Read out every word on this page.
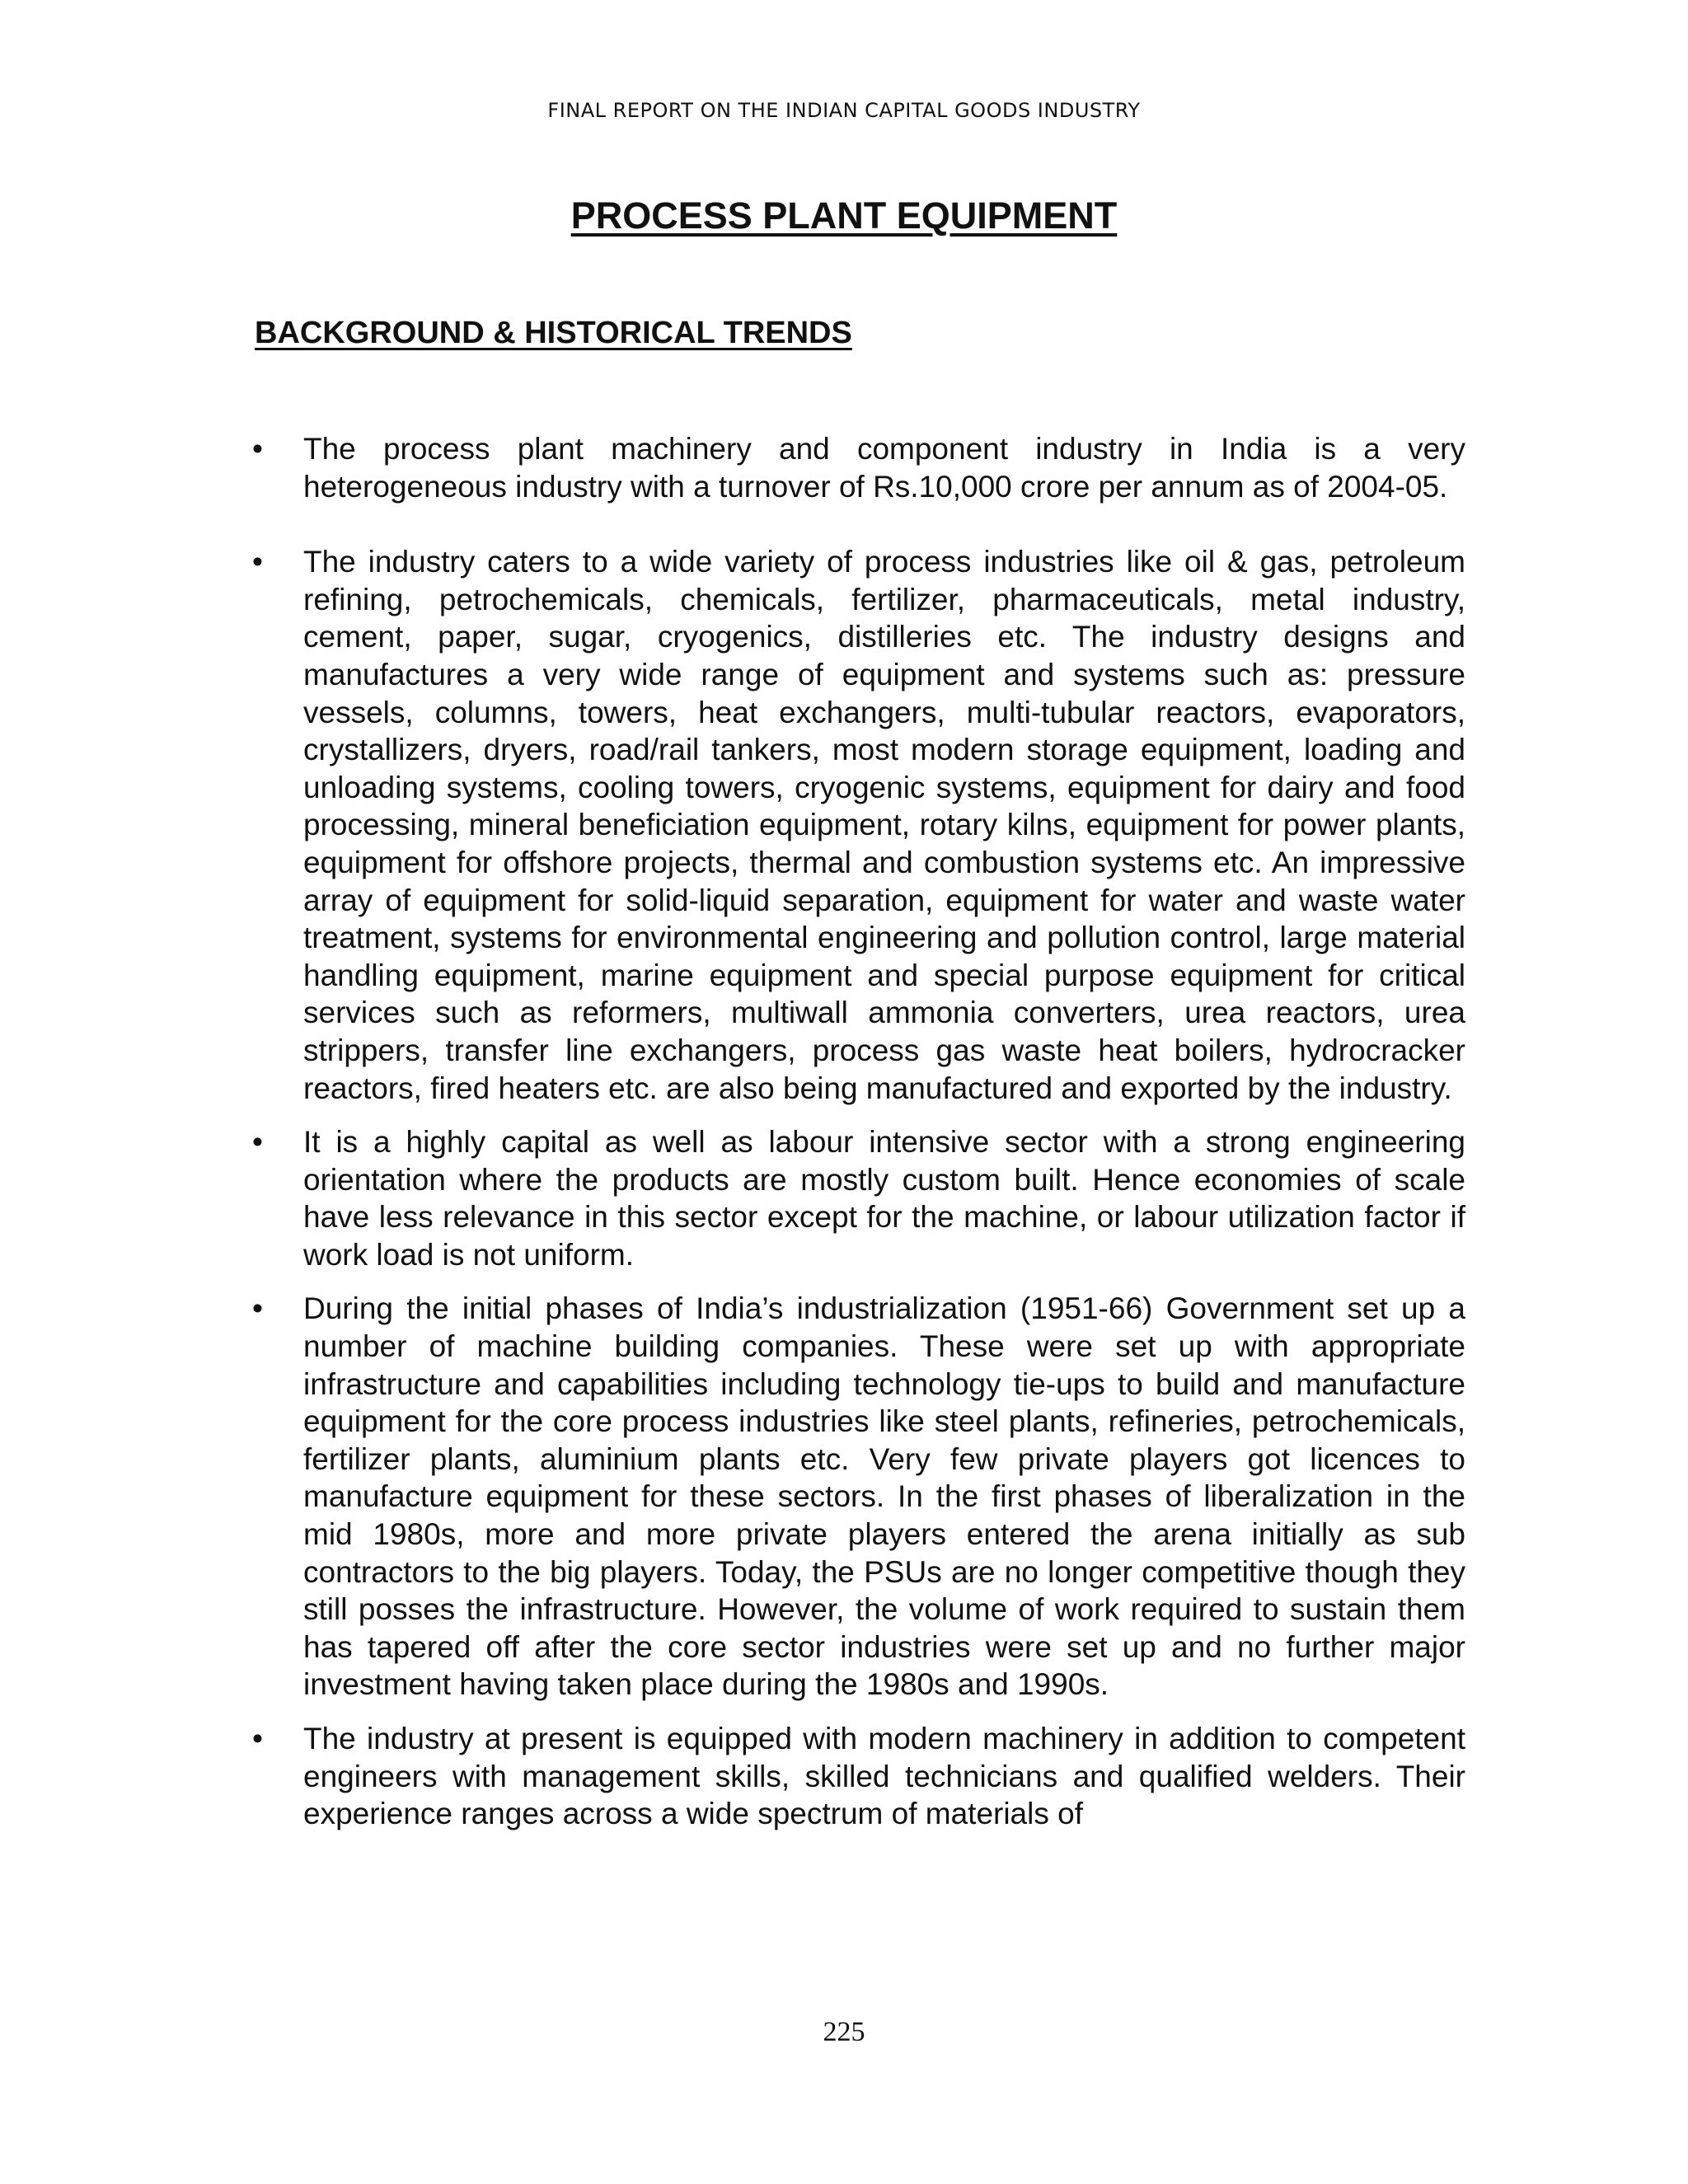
FINAL REPORT ON THE INDIAN CAPITAL GOODS INDUSTRY
PROCESS PLANT EQUIPMENT
BACKGROUND & HISTORICAL TRENDS
• The process plant machinery and component industry in India is a very heterogeneous industry with a turnover of Rs.10,000 crore per annum as of 2004-05.
• The industry caters to a wide variety of process industries like oil & gas, petroleum refining, petrochemicals, chemicals, fertilizer, pharmaceuticals, metal industry, cement, paper, sugar, cryogenics, distilleries etc. The industry designs and manufactures a very wide range of equipment and systems such as: pressure vessels, columns, towers, heat exchangers, multi-tubular reactors, evaporators, crystallizers, dryers, road/rail tankers, most modern storage equipment, loading and unloading systems, cooling towers, cryogenic systems, equipment for dairy and food processing, mineral beneficiation equipment, rotary kilns, equipment for power plants, equipment for offshore projects, thermal and combustion systems etc. An impressive array of equipment for solid-liquid separation, equipment for water and waste water treatment, systems for environmental engineering and pollution control, large material handling equipment, marine equipment and special purpose equipment for critical services such as reformers, multiwall ammonia converters, urea reactors, urea strippers, transfer line exchangers, process gas waste heat boilers, hydrocracker reactors, fired heaters etc. are also being manufactured and exported by the industry.
• It is a highly capital as well as labour intensive sector with a strong engineering orientation where the products are mostly custom built. Hence economies of scale have less relevance in this sector except for the machine, or labour utilization factor if work load is not uniform.
• During the initial phases of India’s industrialization (1951-66) Government set up a number of machine building companies. These were set up with appropriate infrastructure and capabilities including technology tie-ups to build and manufacture equipment for the core process industries like steel plants, refineries, petrochemicals, fertilizer plants, aluminium plants etc. Very few private players got licences to manufacture equipment for these sectors. In the first phases of liberalization in the mid 1980s, more and more private players entered the arena initially as sub contractors to the big players. Today, the PSUs are no longer competitive though they still posses the infrastructure. However, the volume of work required to sustain them has tapered off after the core sector industries were set up and no further major investment having taken place during the 1980s and 1990s.
• The industry at present is equipped with modern machinery in addition to competent engineers with management skills, skilled technicians and qualified welders. Their experience ranges across a wide spectrum of materials of
225
